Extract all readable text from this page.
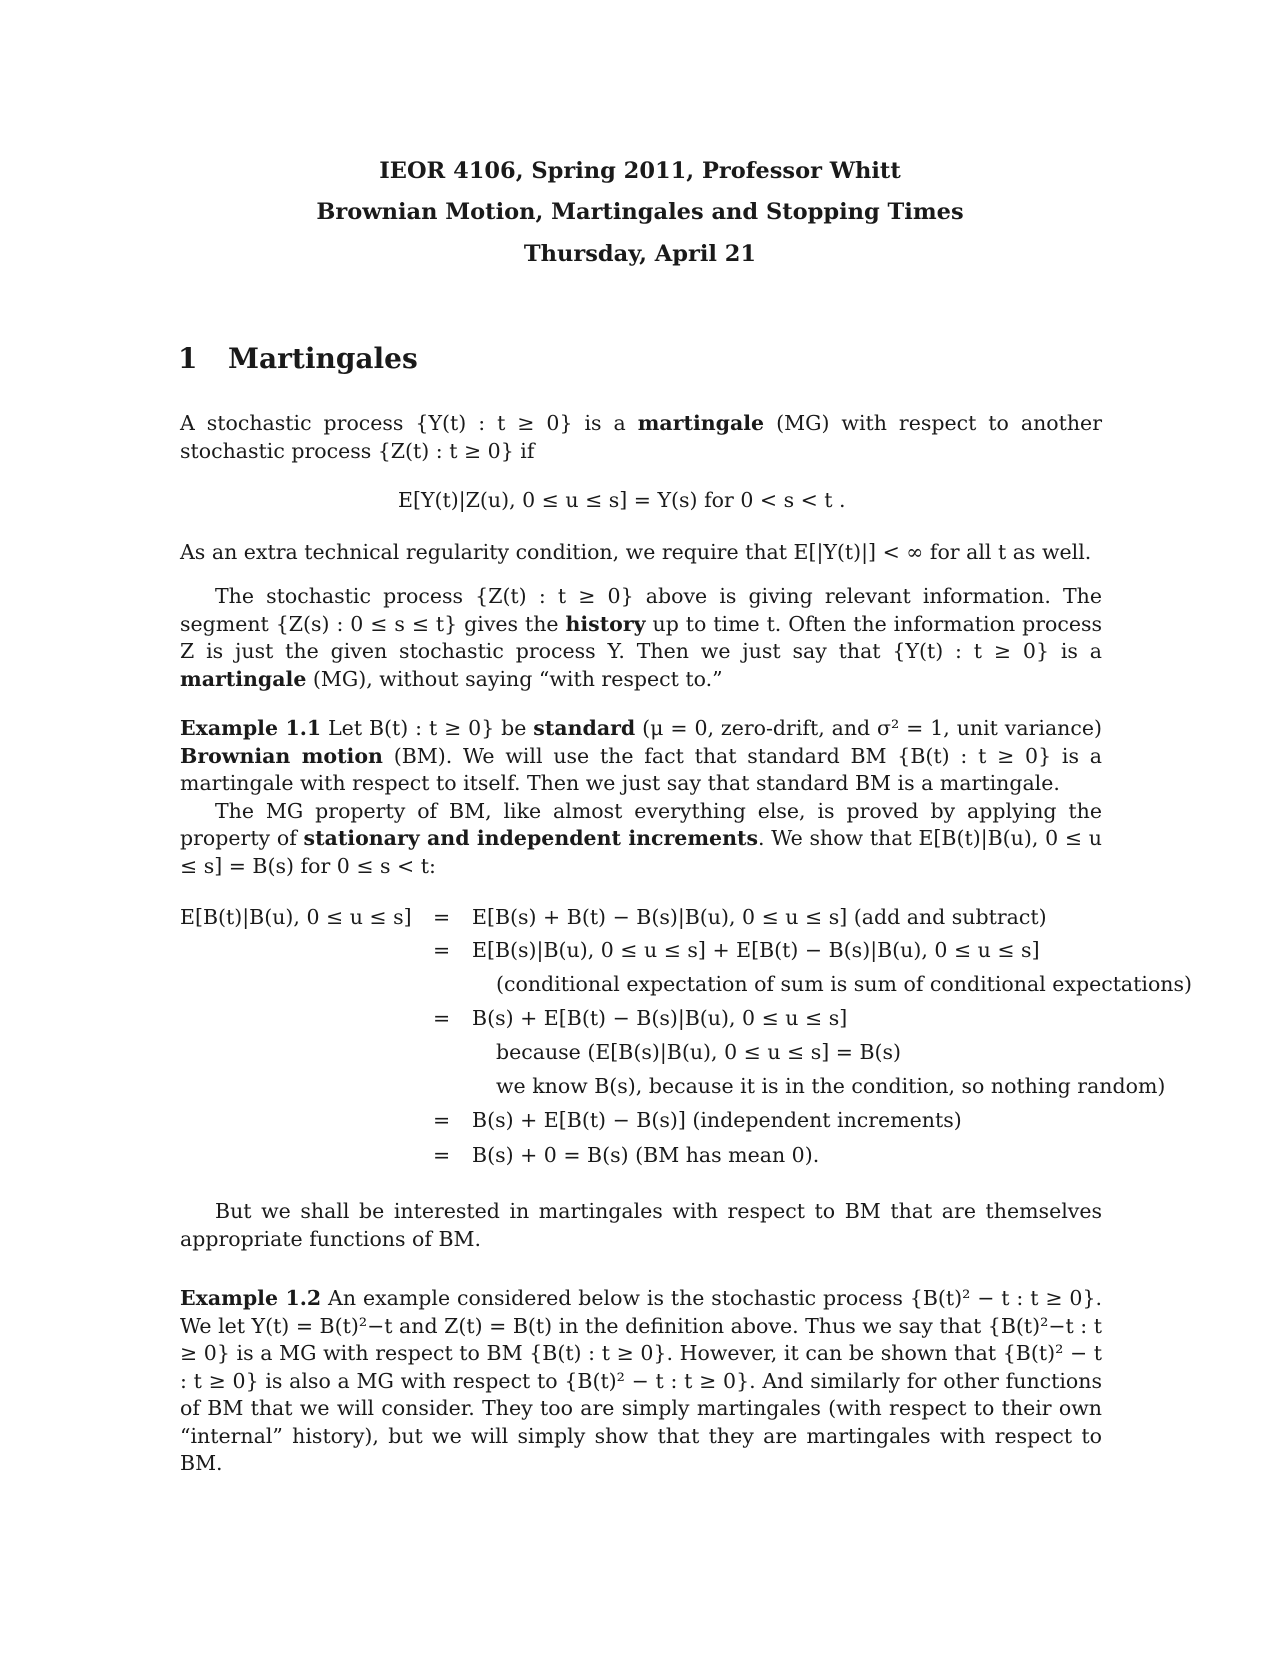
IEOR 4106, Spring 2011, Professor Whitt
Brownian Motion, Martingales and Stopping Times
Thursday, April 21
1 Martingales

A stochastic process {Y(t) : t ≥ 0} is a martingale (MG) with respect to another stochastic process {Z(t) : t ≥ 0} if

E[Y(t)|Z(u), 0 ≤ u ≤ s] = Y(s) for 0 < s < t .
As an extra technical regularity condition, we require that E[|Y(t)|] < ∞ for all t as well.

The stochastic process {Z(t) : t ≥ 0} above is giving relevant information. The segment {Z(s) : 0 ≤ s ≤ t} gives the history up to time t. Often the information process Z is just the given stochastic process Y. Then we just say that {Y(t) : t ≥ 0} is a martingale (MG), without saying “with respect to.”

Example 1.1 Let B(t) : t ≥ 0} be standard (μ = 0, zero-drift, and σ² = 1, unit variance) Brownian motion (BM). We will use the fact that standard BM {B(t) : t ≥ 0} is a martingale with respect to itself. Then we just say that standard BM is a martingale.

The MG property of BM, like almost everything else, is proved by applying the property of stationary and independent increments. We show that E[B(t)|B(u), 0 ≤ u ≤ s] = B(s) for 0 ≤ s < t:

E[B(t)|B(u), 0 ≤ u ≤ s] = E[B(s) + B(t) − B(s)|B(u), 0 ≤ u ≤ s] (add and subtract)
= E[B(s)|B(u), 0 ≤ u ≤ s] + E[B(t) − B(s)|B(u), 0 ≤ u ≤ s]
(conditional expectation of sum is sum of conditional expectations)
= B(s) + E[B(t) − B(s)|B(u), 0 ≤ u ≤ s]
because (E[B(s)|B(u), 0 ≤ u ≤ s] = B(s)
we know B(s), because it is in the condition, so nothing random)
= B(s) + E[B(t) − B(s)] (independent increments)
= B(s) + 0 = B(s) (BM has mean 0).

But we shall be interested in martingales with respect to BM that are themselves appropriate functions of BM.

Example 1.2 An example considered below is the stochastic process {B(t)² − t : t ≥ 0}. We let Y(t) = B(t)²−t and Z(t) = B(t) in the definition above. Thus we say that {B(t)²−t : t ≥ 0} is a MG with respect to BM {B(t) : t ≥ 0}. However, it can be shown that {B(t)² − t : t ≥ 0} is also a MG with respect to {B(t)² − t : t ≥ 0}. And similarly for other functions of BM that we will consider. They too are simply martingales (with respect to their own “internal” history), but we will simply show that they are martingales with respect to BM.
